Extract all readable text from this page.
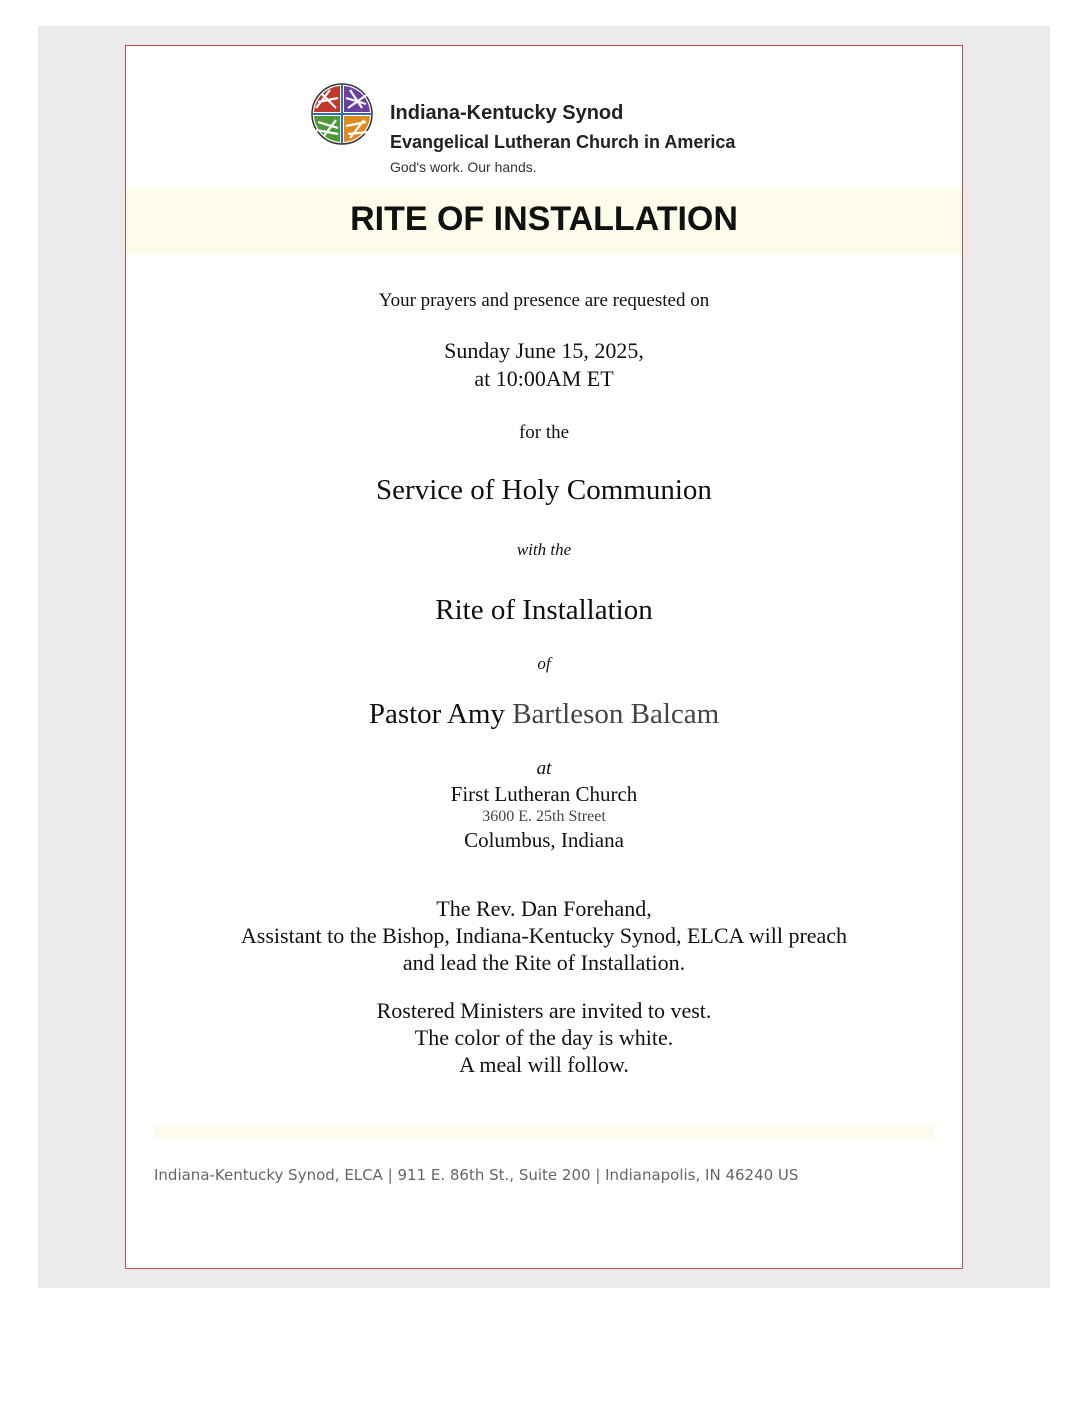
Indiana-Kentucky Synod
Evangelical Lutheran Church in America
God's work. Our hands.
RITE OF INSTALLATION
Your prayers and presence are requested on
Sunday June 15, 2025,
at 10:00AM ET
for the
Service of Holy Communion
with the
Rite of Installation
of
Pastor Amy Bartleson Balcam
at
First Lutheran Church
3600 E. 25th Street
Columbus, Indiana
The Rev. Dan Forehand,
Assistant to the Bishop, Indiana-Kentucky Synod, ELCA will preach
and lead the Rite of Installation.
Rostered Ministers are invited to vest.
The color of the day is white.
A meal will follow.
Indiana-Kentucky Synod, ELCA | 911 E. 86th St., Suite 200 | Indianapolis, IN 46240 US
